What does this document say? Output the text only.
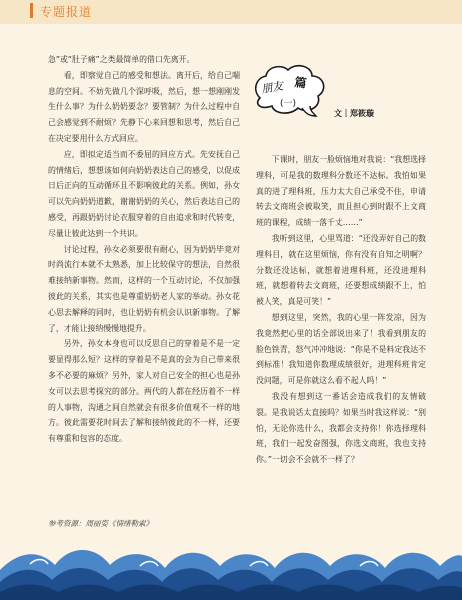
专题报道

急”或“肚子痛”之类最简单的借口先离开。

看，即察觉自己的感受和想法。离开后，给自己喘息的空间。不妨先做几个深呼吸，然后，想一想刚刚发生什么事？为什么奶奶要念？要管制？为什么过程中自己会感觉到不耐烦？先静下心来回想和思考，然后自己在决定要用什么方式回应。

应，即拟定适当而不委屈的回应方式。先安抚自己的情绪后，想想该如何向奶奶表达自己的感受，以促成日后正向的互动循环且不影响彼此的关系。例如，孙女可以先向奶奶道歉，谢谢奶奶的关心，然后表达自己的感受，再跟奶奶讨论衣服穿着的自由追求和时代转变，尽量让彼此达到一个共识。

讨论过程，孙女必须要很有耐心，因为奶奶毕竟对时尚流行本就不太熟悉，加上比较保守的想法，自然很难接纳新事物。然而，这样的一个互动讨论，不仅加强彼此的关系，其实也是尊重奶奶老人家的举动。孙女花心思去解释的同时，也让奶奶有机会认识新事物。了解了，才能让接纳慢慢地提升。

另外，孙女本身也可以反思自己的穿着是不是一定要显得那么短？这样的穿着是不是真的会为自己带来很多不必要的麻烦？另外，家人对自己安全的担心也是孙女可以去思考探究的部分。两代的人都在经历着不一样的人事物，沟通之间自然就会有很多价值观不一样的地方。彼此需要花时间去了解和接纳彼此的不一样，还要有尊重和包容的态度。

参考资源：周丽姿《情绪勒索》
朋友 篇
(一)
文｜郑筱璇

下课时，朋友一脸烦恼地对我说：“我想选择理科，可是我的数理科分数还不达标。我怕如果真的进了理科班，压力太大自己承受不住，申请转去文商班会被取笑，而且担心到时跟不上文商班的课程，成绩一落千丈……”

我听到这里，心里骂道：“还没弄好自己的数理科目，就在这里烦恼，你有没有自知之明啊？分数还没达标，就想着进理科班，还没进理科班，就想着转去文商班，还要想成绩跟不上，怕被人笑，真是可笑！”

想到这里，突然，我的心里一阵发凉，因为我竟然把心里的话全部说出来了！我看到朋友的脸色铁青，怒气冲冲地说：“你是不是料定我达不到标准！我知道你数理成绩很好，进理科班肯定没问题，可是你就这么看不起人吗！”

我没有想到这一番话会造成我们的友情破裂。是我说话太直接吗？如果当时我这样说：“别怕，无论你选什么，我都会支持你！你选择理科班，我们一起发奋图强，你选文商班，我也支持你。”一切会不会就不一样了？
